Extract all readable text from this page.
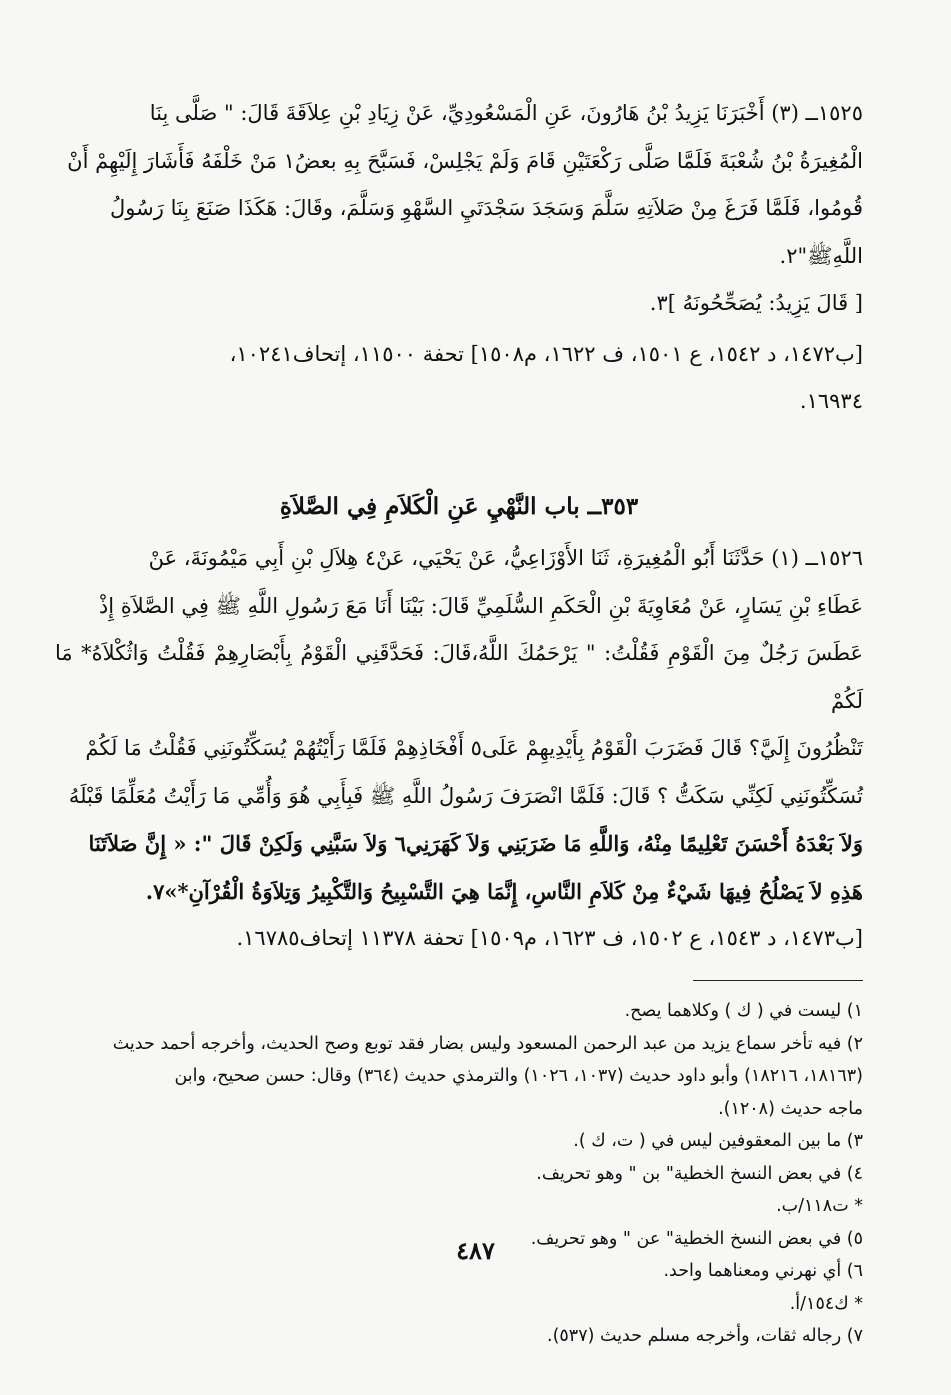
١٥٢٥ــ (٣) أَخْبَرَنَا يَزِيدُ بْنُ هَارُونَ، عَنِ الْمَسْعُودِيِّ، عَنْ زِيَادِ بْنِ عِلاَقَةَ قَالَ: " صَلَّى بِنَا
الْمُغِيرَةُ بْنُ شُعْبَةَ فَلَمَّا صَلَّى رَكْعَتَيْنِ قَامَ وَلَمْ يَجْلِسْ، فَسَبَّحَ بِهِ بعضُ١ مَنْ خَلْفَهُ فَأَشَارَ إِلَيْهِمْ أَنْ
قُومُوا، فَلَمَّا فَرَغَ مِنْ صَلاَتِهِ سَلَّمَ وَسَجَدَ سَجْدَتَيِ السَّهْوِ وَسَلَّمَ، وقَالَ: هَكَذَا صَنَعَ بِنَا رَسُولُ
اللَّهِﷺ"٢.

[ قَالَ يَزِيدُ: يُصَحِّحُونَهُ ]٣.

[ب١٤٧٢، د ١٥٤٢، ع ١٥٠١، ف ١٦٢٢، م١٥٠٨] تحفة ١١٥٠٠، إتحاف١٠٢٤١،
١٦٩٣٤.
٣٥٣ــ باب النَّهْيِ عَنِ الْكَلاَمِ فِي الصَّلاَةِ
١٥٢٦ــ (١) حَدَّثَنَا أَبُو الْمُغِيرَةِ، ثَنَا الأَوْزَاعِيُّ، عَنْ يَحْيَي، عَنْ٤ هِلاَلِ بْنِ أَبِي مَيْمُونَةَ، عَنْ
عَطَاءِ بْنِ يَسَارٍ، عَنْ مُعَاوِيَةَ بْنِ الْحَكَمِ السُّلَمِيِّ قَالَ: بَيْنَا أَنَا مَعَ رَسُولِ اللَّهِ ﷺ فِي الصَّلاَةِ إِذْ
عَطَسَ رَجُلٌ مِنَ الْقَوْمِ فَقُلْتُ: " يَرْحَمُكَ اللَّهُ،قَالَ: فَحَدَّقَنِي الْقَوْمُ بِأَبْصَارِهِمْ فَقُلْتُ وَاثُكْلاَهُ* مَا لَكُمْ
تَنْظُرُونَ إِلَيَّ؟ قَالَ فَضَرَبَ الْقَوْمُ بِأَيْدِيهِمْ عَلَى٥ أَفْخَاذِهِمْ فَلَمَّا رَأَيْتُهُمْ يُسَكِّتُونَنِي فَقُلْتُ مَا لَكُمْ
تُسَكِّتُونَنِي لَكِنِّي سَكَتُّ ؟ قَالَ: فَلَمَّا انْصَرَفَ رَسُولُ اللَّهِ ﷺ فَبِأَبِي هُوَ وَأُمِّي مَا رَأَيْتُ مُعَلِّمًا قَبْلَهُ
وَلاَ بَعْدَهُ أَحْسَنَ تَعْلِيمًا مِنْهُ، وَاللَّهِ مَا ضَرَبَنِي وَلاَ كَهَرَنِي٦ وَلاَ سَبَّنِي وَلَكِنْ قَالَ ": « إِنَّ صَلاَتَنَا
هَذِهِ لاَ يَصْلُحُ فِيهَا شَيْءٌ مِنْ كَلاَمِ النَّاسِ، إِنَّمَا هِيَ التَّسْبِيحُ وَالتَّكْبِيرُ وَتِلاَوَةُ الْقُرْآنِ*»٧.

[ب١٤٧٣، د ١٥٤٣، ع ١٥٠٢، ف ١٦٢٣، م١٥٠٩] تحفة ١١٣٧٨ إتحاف١٦٧٨٥.

١) ليست في ( ك ) وكلاهما يصح.
٢) فيه تأخر سماع يزيد من عبد الرحمن المسعود وليس بضار فقد توبع وصح الحديث، وأخرجه أحمد حديث
(١٨١٦٣، ١٨٢١٦) وأبو داود حديث (١٠٣٧، ١٠٢٦) والترمذي حديث (٣٦٤) وقال: حسن صحيح، وابن
ماجه حديث (١٢٠٨).
٣) ما بين المعقوفين ليس في ( ت، ك ).
٤) في بعض النسخ الخطية" بن " وهو تحريف.
* ت١١٨/ب.
٥) في بعض النسخ الخطية" عن " وهو تحريف.
٦) أي نهرني ومعناهما واحد.
* ك١٥٤/أ.
٧) رجاله ثقات، وأخرجه مسلم حديث (٥٣٧).
٤٨٧
